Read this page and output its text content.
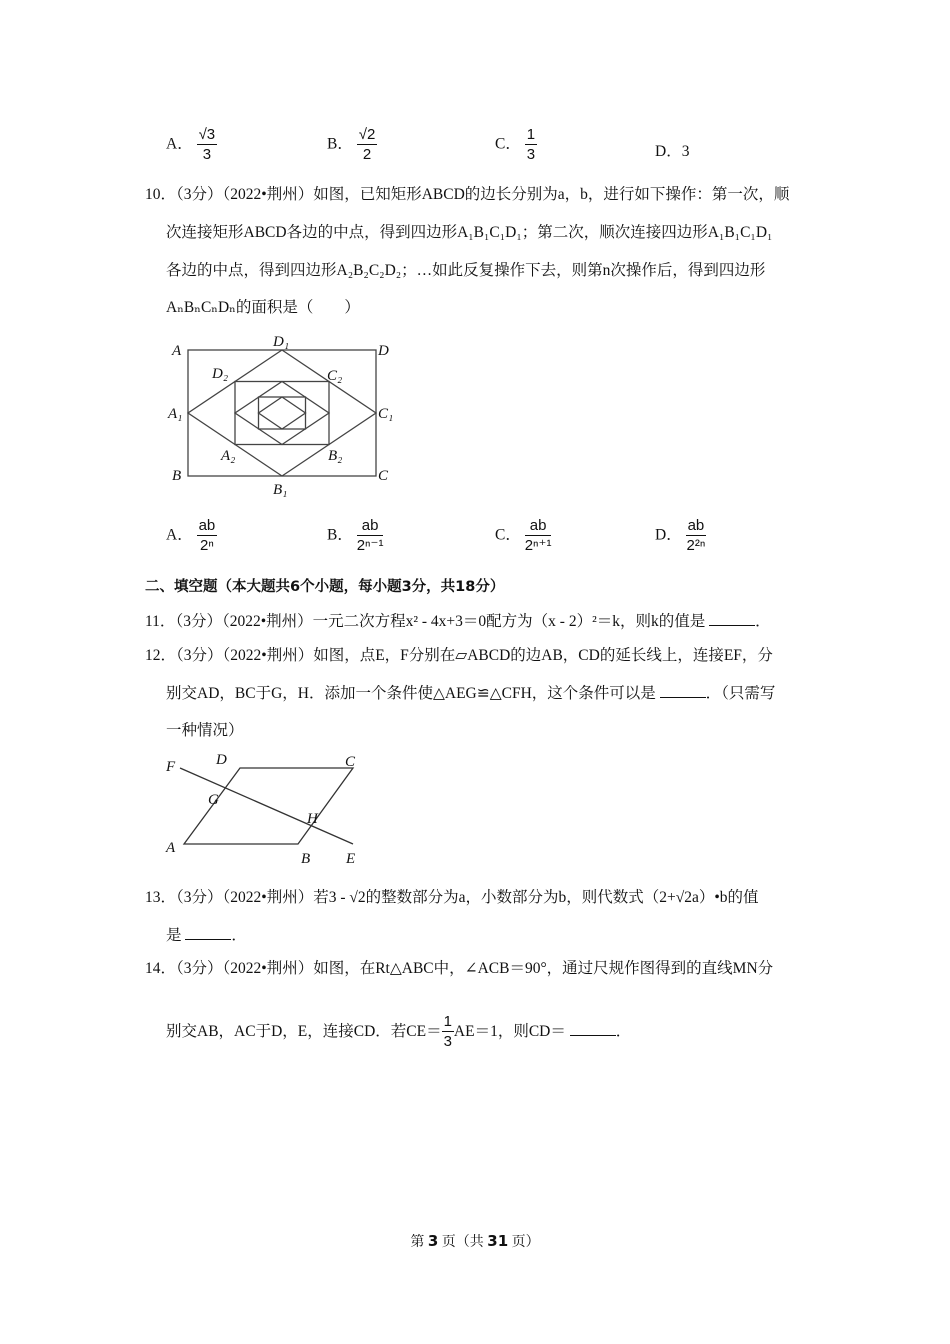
A． $\frac{√3}{3}$	B． $\frac{√2}{2}$	C． $\frac{1}{3}$	D．3
10．（3分）（2022•荆州）如图，已知矩形ABCD的边长分别为a，b，进行如下操作：第一次，顺
次连接矩形ABCD各边的中点，得到四边形A₁B₁C₁D₁；第二次，顺次连接四边形A₁B₁C₁D₁
各边的中点，得到四边形A₂B₂C₂D₂；…如此反复操作下去，则第n次操作后，得到四边形
AₙBₙCₙDₙ的面积是（　　）
A
D₁
D
D₂	C₂
A₁	C₁
A₂	B₂
B
B₁
C
A． $\frac{ab}{\text{2ⁿ}}$	B． $\frac{ab}{\text{2ⁿ⁻¹}}$	C． $\frac{ab}{\text{2ⁿ⁺¹}}$	D． $\frac{ab}{\text{2²ⁿ}}$
二、填空题（本大题共6个小题，每小题3分，共18分）
11．（3分）（2022•荆州）一元二次方程x² - 4x+3＝0配方为（x - 2）²＝k，则k的值是	．
12．（3分）（2022•荆州）如图，点E，F分别在▱ABCD的边AB，CD的延长线上，连接EF，分
别交AD，BC于G，H．添加一个条件使△AEG≌△CFH，这个条件可以是	．（只需写
一种情况）
F	D	C
G
H
A
B E
13．（3分）（2022•荆州）若3 - √2的整数部分为a，小数部分为b，则代数式（2+√2a）•b的值
是	．
14．（3分）（2022•荆州）如图，在Rt△ABC中，∠ACB＝90°，通过尺规作图得到的直线MN分
别交AB，AC于D，E，连接CD．若$CE= \frac{1}{3} AE=1$，则CD＝	．
第 3 页（共 31 页）
